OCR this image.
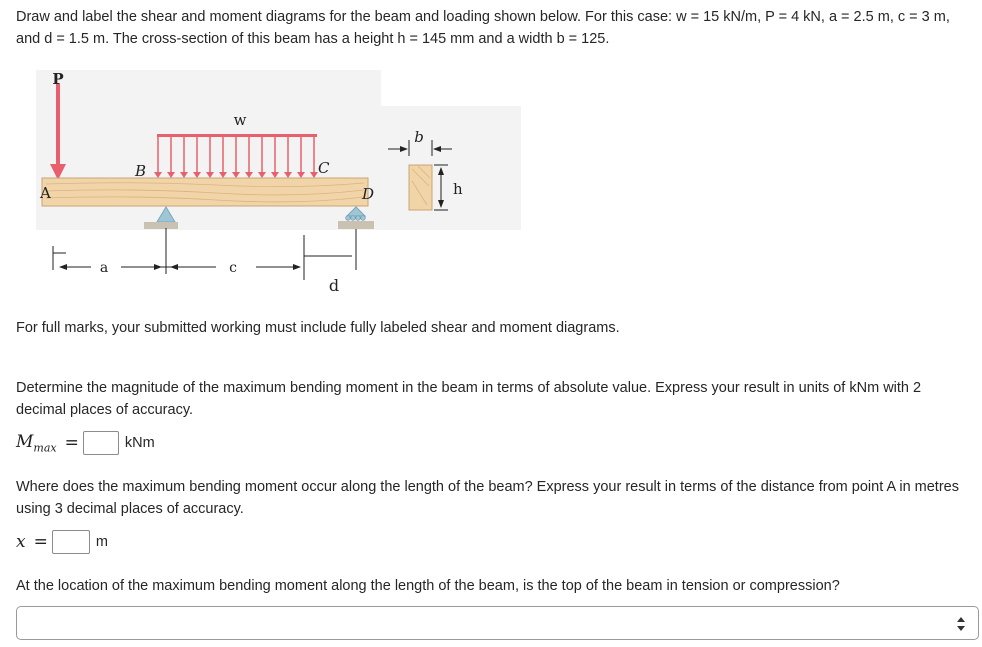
Draw and label the shear and moment diagrams for the beam and loading shown below. For this case: w = 15 kN/m, P = 4 kN, a = 2.5 m, c = 3 m, and d = 1.5 m. The cross-section of this beam has a height h = 145 mm and a width b = 125.

P
w
A
B	C
D
a	c
d
b
h

For full marks, your submitted working must include fully labeled shear and moment diagrams.

Determine the magnitude of the maximum bending moment in the beam in terms of absolute value. Express your result in units of kNm with 2 decimal places of accuracy.

$M_{max}$ =	kNm

Where does the maximum bending moment occur along the length of the beam? Express your result in terms of the distance from point A in metres using 3 decimal places of accuracy.

x =	m

At the location of the maximum bending moment along the length of the beam, is the top of the beam in tension or compression?
